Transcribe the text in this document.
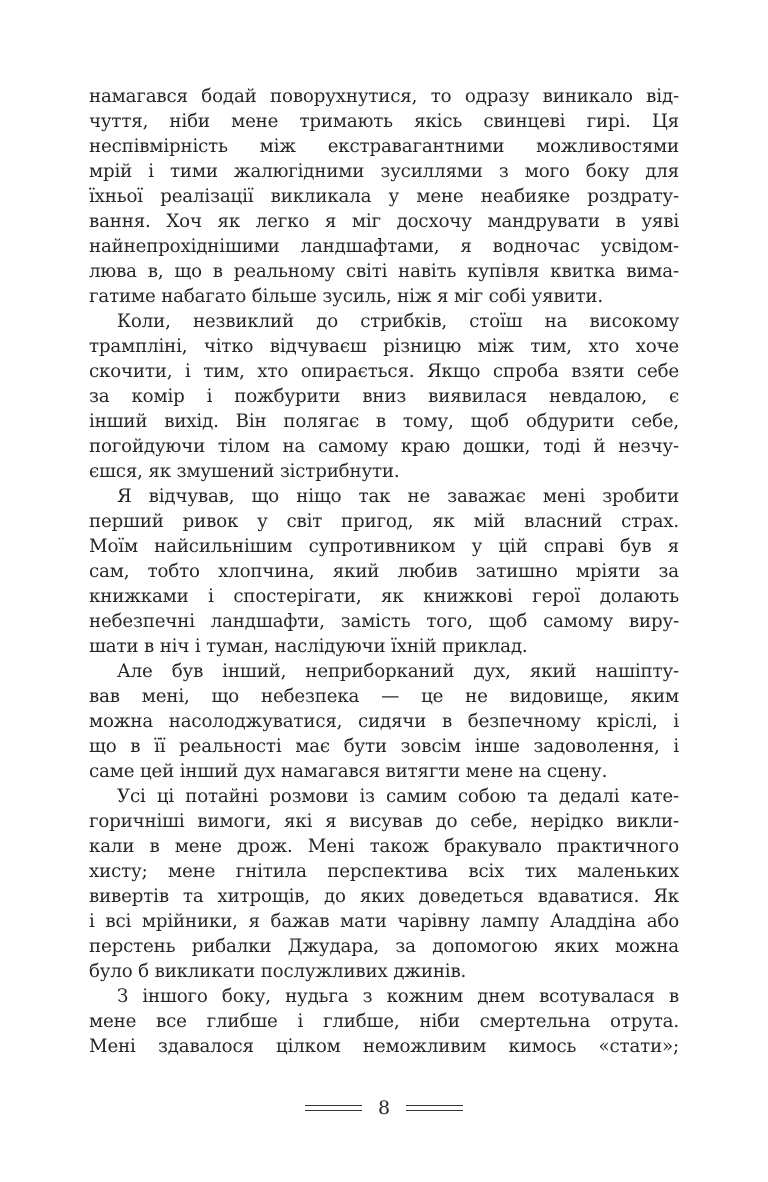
намагався бодай поворухнутися, то одразу виникало від-
чуття, ніби мене тримають якісь свинцеві гирі. Ця
неспівмірність між екстравагантними можливостями
мрій і тими жалюгідними зусиллями з мого боку для
їхньої реалізації викликала у мене неабияке роздрату-
вання. Хоч як легко я міг досхочу мандрувати в уяві
найнепрохіднішими ландшафтами, я водночас усвідом-
люва в, що в реальному світі навіть купівля квитка вима-
гатиме набагато більше зусиль, ніж я міг собі уявити.
Коли, незвиклий до стрибків, стоїш на високому
трампліні, чітко відчуваєш різницю між тим, хто хоче
скочити, і тим, хто опирається. Якщо спроба взяти себе
за комір і пожбурити вниз виявилася невдалою, є
інший вихід. Він полягає в тому, щоб обдурити себе,
погойдуючи тілом на самому краю дошки, тоді й незчу-
єшся, як змушений зістрибнути.
Я відчував, що ніщо так не заважає мені зробити
перший ривок у світ пригод, як мій власний страх.
Моїм найсильнішим супротивником у цій справі був я
сам, тобто хлопчина, який любив затишно мріяти за
книжками і спостерігати, як книжкові герої долають
небезпечні ландшафти, замість того, щоб самому виру-
шати в ніч і туман, наслідуючи їхній приклад.
Але був інший, неприборканий дух, який нашіпту-
вав мені, що небезпека — це не видовище, яким
можна насолоджуватися, сидячи в безпечному кріслі, і
що в її реальності має бути зовсім інше задоволення, і
саме цей інший дух намагався витягти мене на сцену.
Усі ці потайні розмови із самим собою та дедалі кате-
горичніші вимоги, які я висував до себе, нерідко викли-
кали в мене дрож. Мені також бракувало практичного
хисту; мене гнітила перспектива всіх тих маленьких
вивертів та хитрощів, до яких доведеться вдаватися. Як
і всі мрійники, я бажав мати чарівну лампу Аладдіна або
перстень рибалки Джудара, за допомогою яких можна
було б викликати послужливих джинів.
З іншого боку, нудьга з кожним днем всотувалася в
мене все глибше і глибше, ніби смертельна отрута.
Мені здавалося цілком неможливим кимось «стати»;
8
